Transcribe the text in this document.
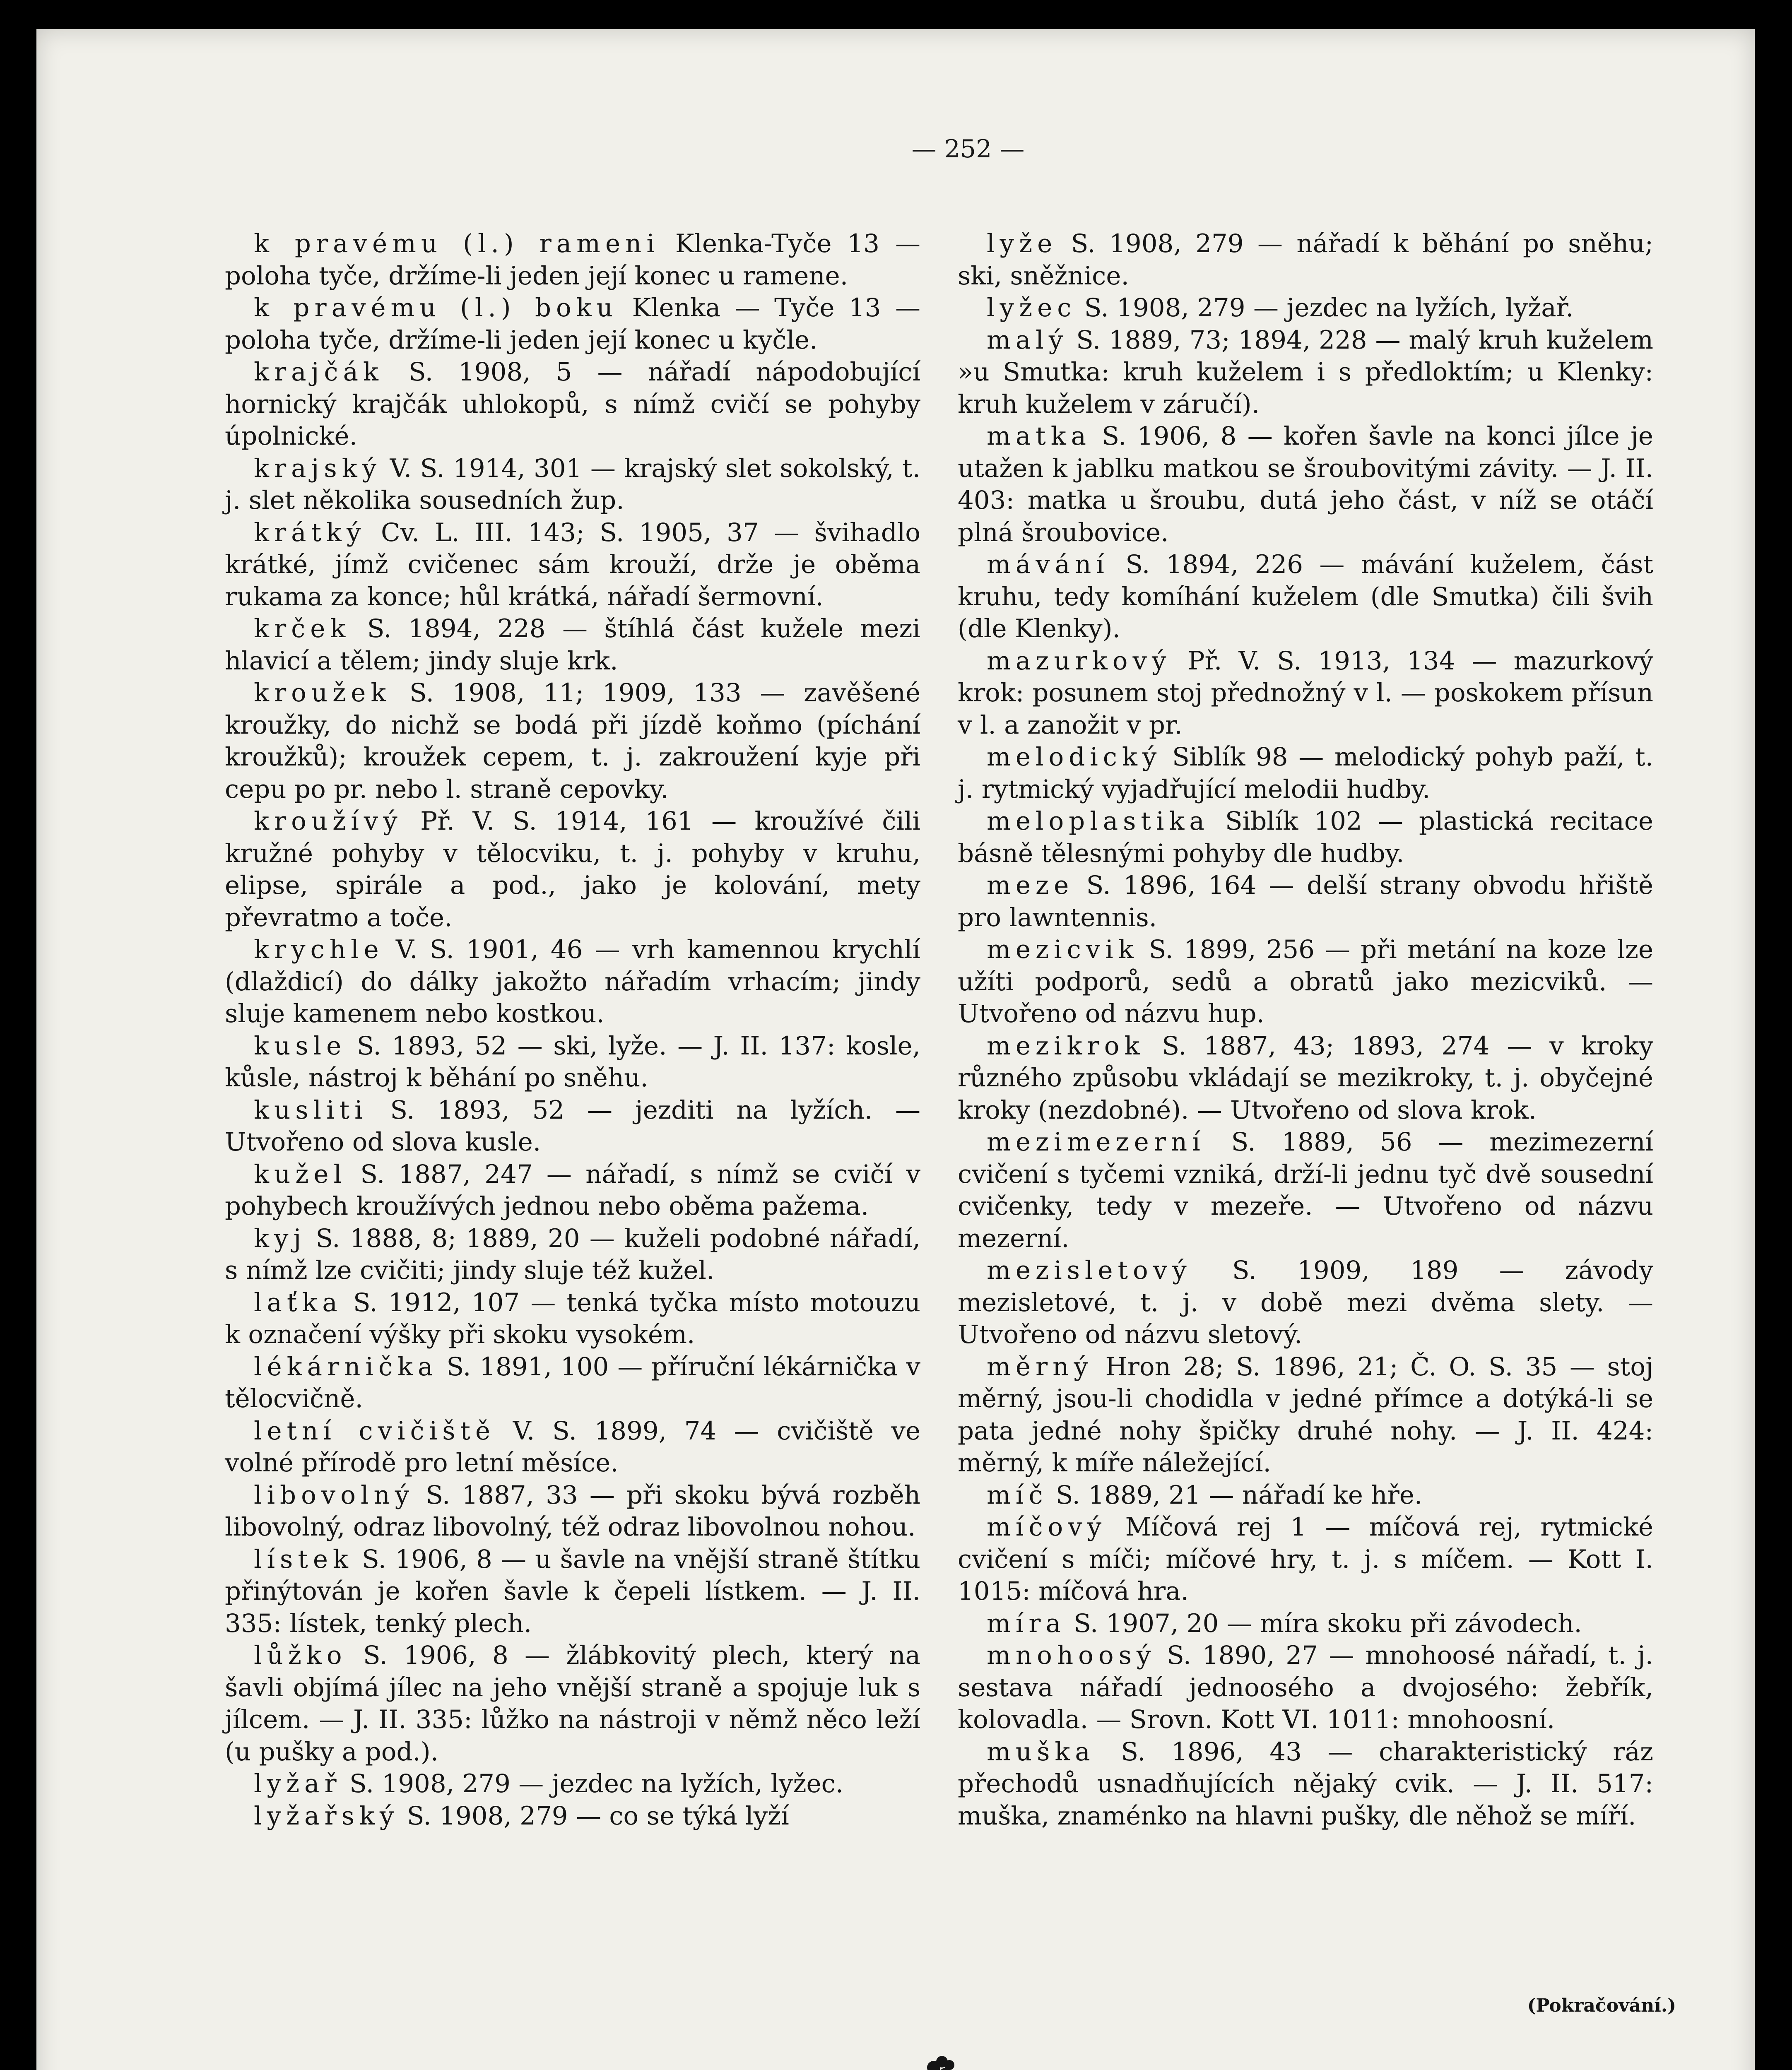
— 252 —

k pravému (l.) rameni Klenka-Tyče 13 — poloha tyče, držíme-li jeden její konec u ramene.

k pravému (l.) boku Klenka — Tyče 13 — poloha tyče, držíme-li jeden její konec u kyčle.

krajčák S. 1908, 5 — nářadí nápodobující hornický krajčák uhlokopů, s nímž cvičí se pohyby úpolnické.

krajský V. S. 1914, 301 — krajský slet sokolský, t. j. slet několika sousedních žup.

krátký Cv. L. III. 143; S. 1905, 37 — švihadlo krátké, jímž cvičenec sám krouží, drže je oběma rukama za konce; hůl krátká, nářadí šermovní.

krček S. 1894, 228 — štíhlá část kužele mezi hlavicí a tělem; jindy sluje krk.

kroužek S. 1908, 11; 1909, 133 — zavěšené kroužky, do nichž se bodá při jízdě koňmo (píchání kroužků); kroužek cepem, t. j. zakroužení kyje při cepu po pr. nebo l. straně cepovky.

kroužívý Př. V. S. 1914, 161 — kroužívé čili kružné pohyby v tělocviku, t. j. pohyby v kruhu, elipse, spirále a pod., jako je kolování, mety převratmo a toče.

krychle V. S. 1901, 46 — vrh kamennou krychlí (dlaždicí) do dálky jakožto nářadím vrhacím; jindy sluje kamenem nebo kostkou.

kusle S. 1893, 52 — ski, lyže. — J. II. 137: kosle, kůsle, nástroj k běhání po sněhu.

kusliti S. 1893, 52 — jezditi na lyžích. — Utvořeno od slova kusle.

kužel S. 1887, 247 — nářadí, s nímž se cvičí v pohybech kroužívých jednou nebo oběma pažema.

kyj S. 1888, 8; 1889, 20 — kuželi podobné nářadí, s nímž lze cvičiti; jindy sluje též kužel.

laťka S. 1912, 107 — tenká tyčka místo motouzu k označení výšky při skoku vysokém.

lékárnička S. 1891, 100 — příruční lékárnička v tělocvičně.

letní cvičiště V. S. 1899, 74 — cvičiště ve volné přírodě pro letní měsíce.

libovolný S. 1887, 33 — při skoku bývá rozběh libovolný, odraz libovolný, též odraz libovolnou nohou.

lístek S. 1906, 8 — u šavle na vnější straně štítku přinýtován je kořen šavle k čepeli lístkem. — J. II. 335: lístek, tenký plech.

lůžko S. 1906, 8 — žlábkovitý plech, který na šavli objímá jílec na jeho vnější straně a spojuje luk s jílcem. — J. II. 335: lůžko na nástroji v němž něco leží (u pušky a pod.).

lyžař S. 1908, 279 — jezdec na lyžích, lyžec.

lyžařský S. 1908, 279 — co se týká lyží

lyže S. 1908, 279 — nářadí k běhání po sněhu; ski, sněžnice.

lyžec S. 1908, 279 — jezdec na lyžích, lyžař.

malý S. 1889, 73; 1894, 228 — malý kruh kuželem »u Smutka: kruh kuželem i s předloktím; u Klenky: kruh kuželem v záručí).

matka S. 1906, 8 — kořen šavle na konci jílce je utažen k jablku matkou se šroubovitými závity. — J. II. 403: matka u šroubu, dutá jeho část, v níž se otáčí plná šroubovice.

mávání S. 1894, 226 — mávání kuželem, část kruhu, tedy komíhání kuželem (dle Smutka) čili švih (dle Klenky).

mazurkový Př. V. S. 1913, 134 — mazurkový krok: posunem stoj přednožný v l. — poskokem přísun v l. a zanožit v pr.

melodický Siblík 98 — melodický pohyb paží, t. j. rytmický vyjadřující melodii hudby.

meloplastika Siblík 102 — plastická recitace básně tělesnými pohyby dle hudby.

meze S. 1896, 164 — delší strany obvodu hřiště pro lawntennis.

mezicvik S. 1899, 256 — při metání na koze lze užíti podporů, sedů a obratů jako mezicviků. — Utvořeno od názvu hup.

mezikrok S. 1887, 43; 1893, 274 — v kroky různého způsobu vkládají se mezikroky, t. j. obyčejné kroky (nezdobné). — Utvořeno od slova krok.

mezimezerní S. 1889, 56 — mezimezerní cvičení s tyčemi vzniká, drží-li jednu tyč dvě sousední cvičenky, tedy v mezeře. — Utvořeno od názvu mezerní.

mezisletový S. 1909, 189 — závody mezisletové, t. j. v době mezi dvěma slety. — Utvořeno od názvu sletový.

měrný Hron 28; S. 1896, 21; Č. O. S. 35 — stoj měrný, jsou-li chodidla v jedné přímce a dotýká-li se pata jedné nohy špičky druhé nohy. — J. II. 424: měrný, k míře náležející.

míč S. 1889, 21 — nářadí ke hře.

míčový Míčová rej 1 — míčová rej, rytmické cvičení s míči; míčové hry, t. j. s míčem. — Kott I. 1015: míčová hra.

míra S. 1907, 20 — míra skoku při závodech.

mnohoosý S. 1890, 27 — mnohoosé nářadí, t. j. sestava nářadí jednoosého a dvojosého: žebřík, kolovadla. — Srovn. Kott VI. 1011: mnohoosní.

muška S. 1896, 43 — charakteristický ráz přechodů usnadňujících nějaký cvik. — J. II. 517: muška, znaménko na hlavni pušky, dle něhož se míří.

(Pokračování.)
